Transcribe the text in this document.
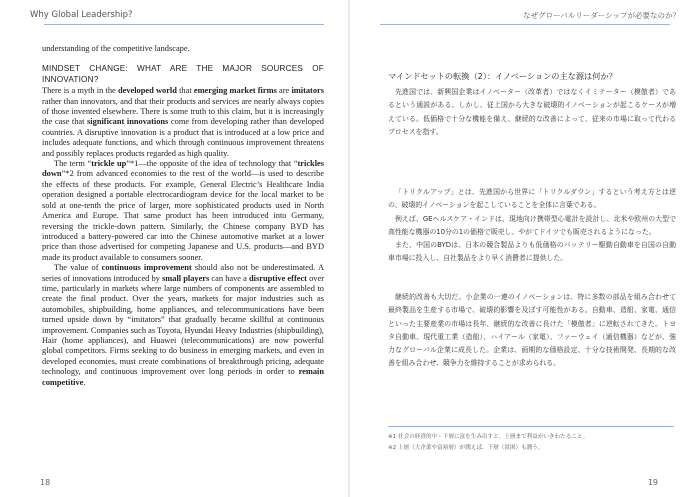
Why Global Leadership?

understanding of the competitive landscape.

MINDSET CHANGE: WHAT ARE THE MAJOR SOURCES OF INNOVATION?

There is a myth in the developed world that emerging market firms are imitators rather than innovators, and that their products and services are nearly always copies of those invented elsewhere. There is some truth to this claim, but it is increasingly the case that significant innovations come from developing rather than developed countries. A disruptive innovation is a product that is introduced at a low price and includes adequate functions, and which through continuous improvement threatens and possibly replaces products regarded as high quality.

The term “trickle up”*1—the opposite of the idea of technology that “trickles down”*2 from advanced economies to the rest of the world—is used to describe the effects of these products. For example, General Electric’s Healthcare India operation designed a portable electrocardiogram device for the local market to be sold at one-tenth the price of larger, more sophisticated products used in North America and Europe. That same product has been introduced into Germany, reversing the trickle-down pattern. Similarly, the Chinese company BYD has introduced a battery-powered car into the Chinese automotive market at a lower price than those advertised for competing Japanese and U.S. products—and BYD made its product available to consumers sooner.

The value of continuous improvement should also not be underestimated. A series of innovations introduced by small players can have a disruptive effect over time, particularly in markets where large numbers of components are assembled to create the final product. Over the years, markets for major industries such as automobiles, shipbuilding, home appliances, and telecommunications have been turned upside down by “imitators” that gradually became skillful at continuous improvement. Companies such as Toyota, Hyundai Heavy Industries (shipbuilding), Hair (home appliances), and Huawei (telecommunications) are now powerful global competitors. Firms seeking to do business in emerging markets, and even in developed economies, must create combinations of breakthrough pricing, adequate technology, and continuous improvement over long periods in order to remain competitive.

18
なぜグローバルリーダーシップが必要なのか？
マインドセットの転換（2）：イノベーションの主な源は何か？

先進国では、新興国企業はイノベーター（改革者）ではなくイミテーター（模倣者）であるという通説がある。しかし、従上国から大きな破壊的イノベーションが起こるケースが増えている。低価格で十分な機能を備え、継続的な改善によって、従来の市場に取って代わるプロセスを指す。

「トリクルアップ」とは、先進国から世界に「トリクルダウン」するという考え方とは逆の、破壊的イノベーションを起こしていることを全体に言葉である。

例えば、GEヘルスケア・インドは、現地向け携帯型心電計を設計し、北米や欧州の大型で高性能な機器の10分の1の価格で販売し、やがてドイツでも販売されるようになった。

また、中国のBYDは、日本の競合製品よりも低価格のバッテリー駆動自動車を自国の自動車市場に投入し、自社製品をより早く消費者に提供した。

継続的改善も大切だ。小企業の一連のイノベーションは、特に多数の部品を組み合わせて最終製品を生産する市場で、破壊的影響を及ぼす可能性がある。自動車、造船、家電、通信といった主要産業の市場は長年、継続的な改善に長けた「模倣者」に逆転されてきた。トヨタ自動車、現代重工業（造船）、ハイアール（家電）、ファーウェイ（通信機器）などが、強力なグローバル企業に成長した。企業は、画期的な価格設定、十分な技術開発、長期的な改善を組み合わせ、競争力を維持することが求められる。

※1 社会の経済的中・下層に富を生み出すと、上層まで利益がいきわたること。
※2 上層（大企業や富裕層）が潤えば、下層（貧困）も潤う。
19
